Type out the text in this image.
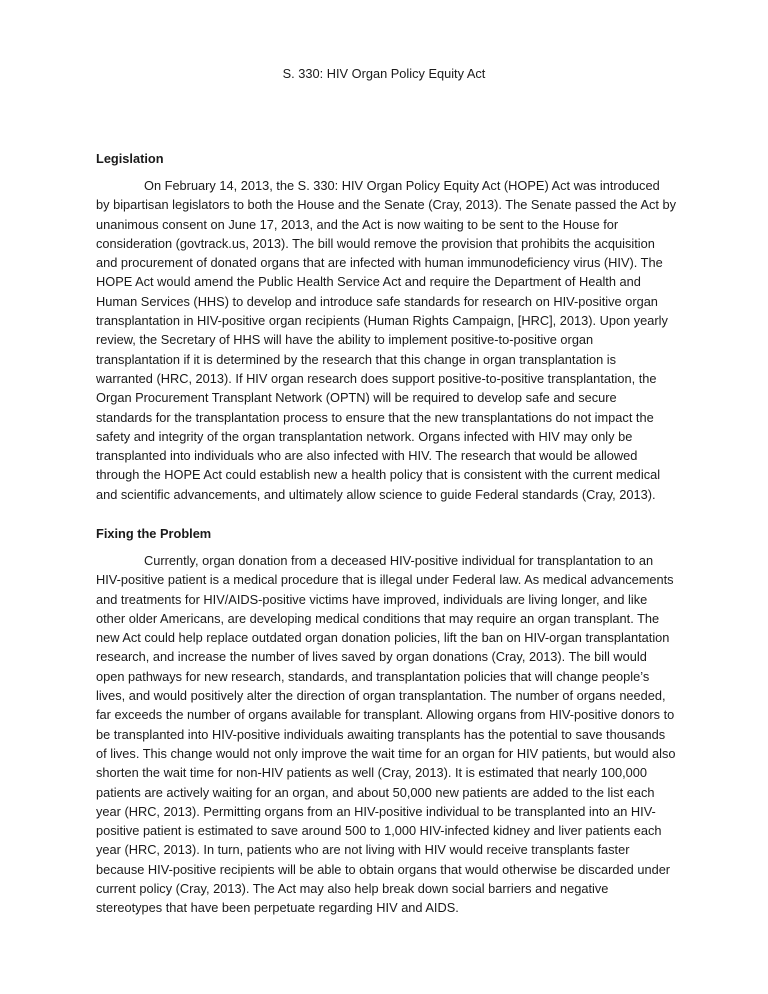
S. 330: HIV Organ Policy Equity Act
Legislation

On February 14, 2013, the S. 330: HIV Organ Policy Equity Act (HOPE) Act was introduced by bipartisan legislators to both the House and the Senate (Cray, 2013). The Senate passed the Act by unanimous consent on June 17, 2013, and the Act is now waiting to be sent to the House for consideration (govtrack.us, 2013). The bill would remove the provision that prohibits the acquisition and procurement of donated organs that are infected with human immunodeficiency virus (HIV). The HOPE Act would amend the Public Health Service Act and require the Department of Health and Human Services (HHS) to develop and introduce safe standards for research on HIV-positive organ transplantation in HIV-positive organ recipients (Human Rights Campaign, [HRC], 2013). Upon yearly review, the Secretary of HHS will have the ability to implement positive-to-positive organ transplantation if it is determined by the research that this change in organ transplantation is warranted (HRC, 2013). If HIV organ research does support positive-to-positive transplantation, the Organ Procurement Transplant Network (OPTN) will be required to develop safe and secure standards for the transplantation process to ensure that the new transplantations do not impact the safety and integrity of the organ transplantation network. Organs infected with HIV may only be transplanted into individuals who are also infected with HIV. The research that would be allowed through the HOPE Act could establish new a health policy that is consistent with the current medical and scientific advancements, and ultimately allow science to guide Federal standards (Cray, 2013).

Fixing the Problem

Currently, organ donation from a deceased HIV-positive individual for transplantation to an HIV-positive patient is a medical procedure that is illegal under Federal law. As medical advancements and treatments for HIV/AIDS-positive victims have improved, individuals are living longer, and like other older Americans, are developing medical conditions that may require an organ transplant. The new Act could help replace outdated organ donation policies, lift the ban on HIV-organ transplantation research, and increase the number of lives saved by organ donations (Cray, 2013). The bill would open pathways for new research, standards, and transplantation policies that will change people’s lives, and would positively alter the direction of organ transplantation. The number of organs needed, far exceeds the number of organs available for transplant. Allowing organs from HIV-positive donors to be transplanted into HIV-positive individuals awaiting transplants has the potential to save thousands of lives. This change would not only improve the wait time for an organ for HIV patients, but would also shorten the wait time for non-HIV patients as well (Cray, 2013). It is estimated that nearly 100,000 patients are actively waiting for an organ, and about 50,000 new patients are added to the list each year (HRC, 2013). Permitting organs from an HIV-positive individual to be transplanted into an HIV-positive patient is estimated to save around 500 to 1,000 HIV-infected kidney and liver patients each year (HRC, 2013). In turn, patients who are not living with HIV would receive transplants faster because HIV-positive recipients will be able to obtain organs that would otherwise be discarded under current policy (Cray, 2013). The Act may also help break down social barriers and negative stereotypes that have been perpetuate regarding HIV and AIDS.
